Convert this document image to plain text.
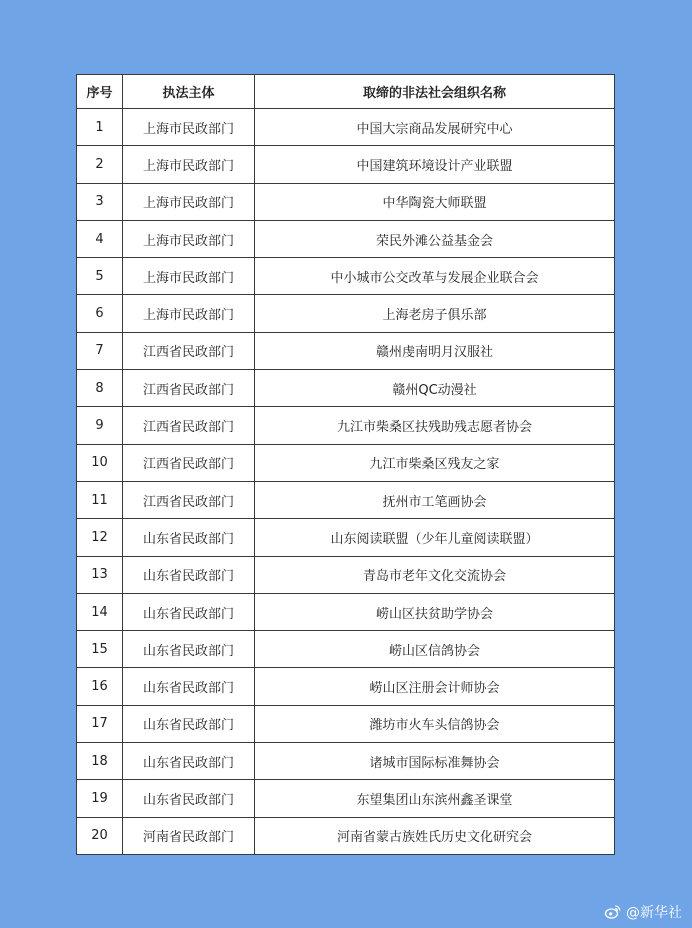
序号	执法主体	取缔的非法社会组织名称
1	上海市民政部门	中国大宗商品发展研究中心
2	上海市民政部门	中国建筑环境设计产业联盟
3	上海市民政部门	中华陶瓷大师联盟
4	上海市民政部门	荣民外滩公益基金会
5	上海市民政部门	中小城市公交改革与发展企业联合会
6	上海市民政部门	上海老房子俱乐部
7	江西省民政部门	赣州虔南明月汉服社
8	江西省民政部门	赣州QC动漫社
9	江西省民政部门	九江市柴桑区扶残助残志愿者协会
10	江西省民政部门	九江市柴桑区残友之家
11	江西省民政部门	抚州市工笔画协会
12	山东省民政部门	山东阅读联盟（少年儿童阅读联盟）
13	山东省民政部门	青岛市老年文化交流协会
14	山东省民政部门	崂山区扶贫助学协会
15	山东省民政部门	崂山区信鸽协会
16	山东省民政部门	崂山区注册会计师协会
17	山东省民政部门	潍坊市火车头信鸽协会
18	山东省民政部门	诸城市国际标准舞协会
19	山东省民政部门	东望集团山东滨州鑫圣课堂
20	河南省民政部门	河南省蒙古族姓氏历史文化研究会
@新华社
